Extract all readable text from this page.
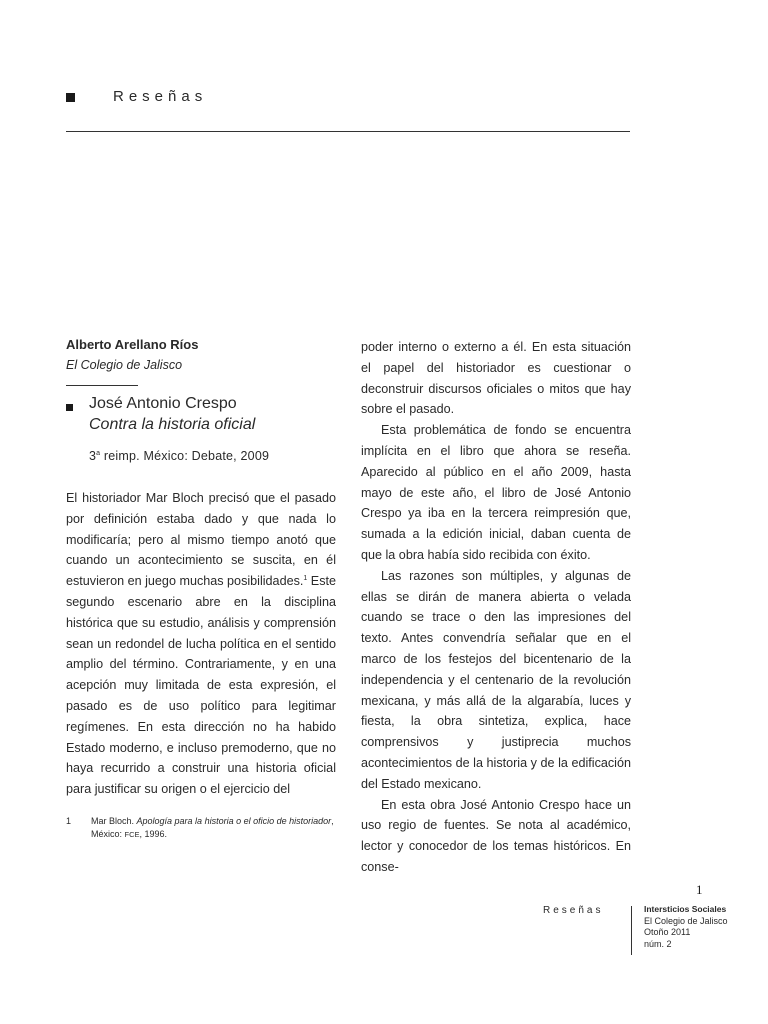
Reseñas
Alberto Arellano Ríos
El Colegio de Jalisco
José Antonio Crespo
Contra la historia oficial
3$^a$ reimp. México: Debate, 2009

El historiador Mar Bloch precisó que el pasado por definición estaba dado y que nada lo modificaría; pero al mismo tiempo anotó que cuando un acontecimiento se suscita, en él estuvieron en juego muchas posibilidades.$^1$ Este segundo escenario abre en la disciplina histórica que su estudio, análisis y comprensión sean un redondel de lucha política en el sentido amplio del término. Contrariamente, y en una acepción muy limitada de esta expresión, el pasado es de uso político para legitimar regímenes. En esta dirección no ha habido Estado moderno, e incluso premoderno, que no haya recurrido a construir una historia oficial para justificar su origen o el ejercicio del

poder interno o externo a él. En esta situación el papel del historiador es cuestionar o deconstruir discursos oficiales o mitos que hay sobre el pasado.

Esta problemática de fondo se encuentra implícita en el libro que ahora se reseña. Aparecido al público en el año 2009, hasta mayo de este año, el libro de José Antonio Crespo ya iba en la tercera reimpresión que, sumada a la edición inicial, daban cuenta de que la obra había sido recibida con éxito.

Las razones son múltiples, y algunas de ellas se dirán de manera abierta o velada cuando se trace o den las impresiones del texto. Antes convendría señalar que en el marco de los festejos del bicentenario de la independencia y el centenario de la revolución mexicana, y más allá de la algarabía, luces y fiesta, la obra sintetiza, explica, hace comprensivos y justiprecia muchos acontecimientos de la historia y de la edificación del Estado mexicano.

En esta obra José Antonio Crespo hace un uso regio de fuentes. Se nota al académico, lector y conocedor de los temas históricos. En conse-

1 Mar Bloch. Apología para la historia o el oficio de historiador, México: FCE, 1996.
1
Reseñas	Intersticios Sociales
El Colegio de Jalisco
Otoño 2011
núm. 2
